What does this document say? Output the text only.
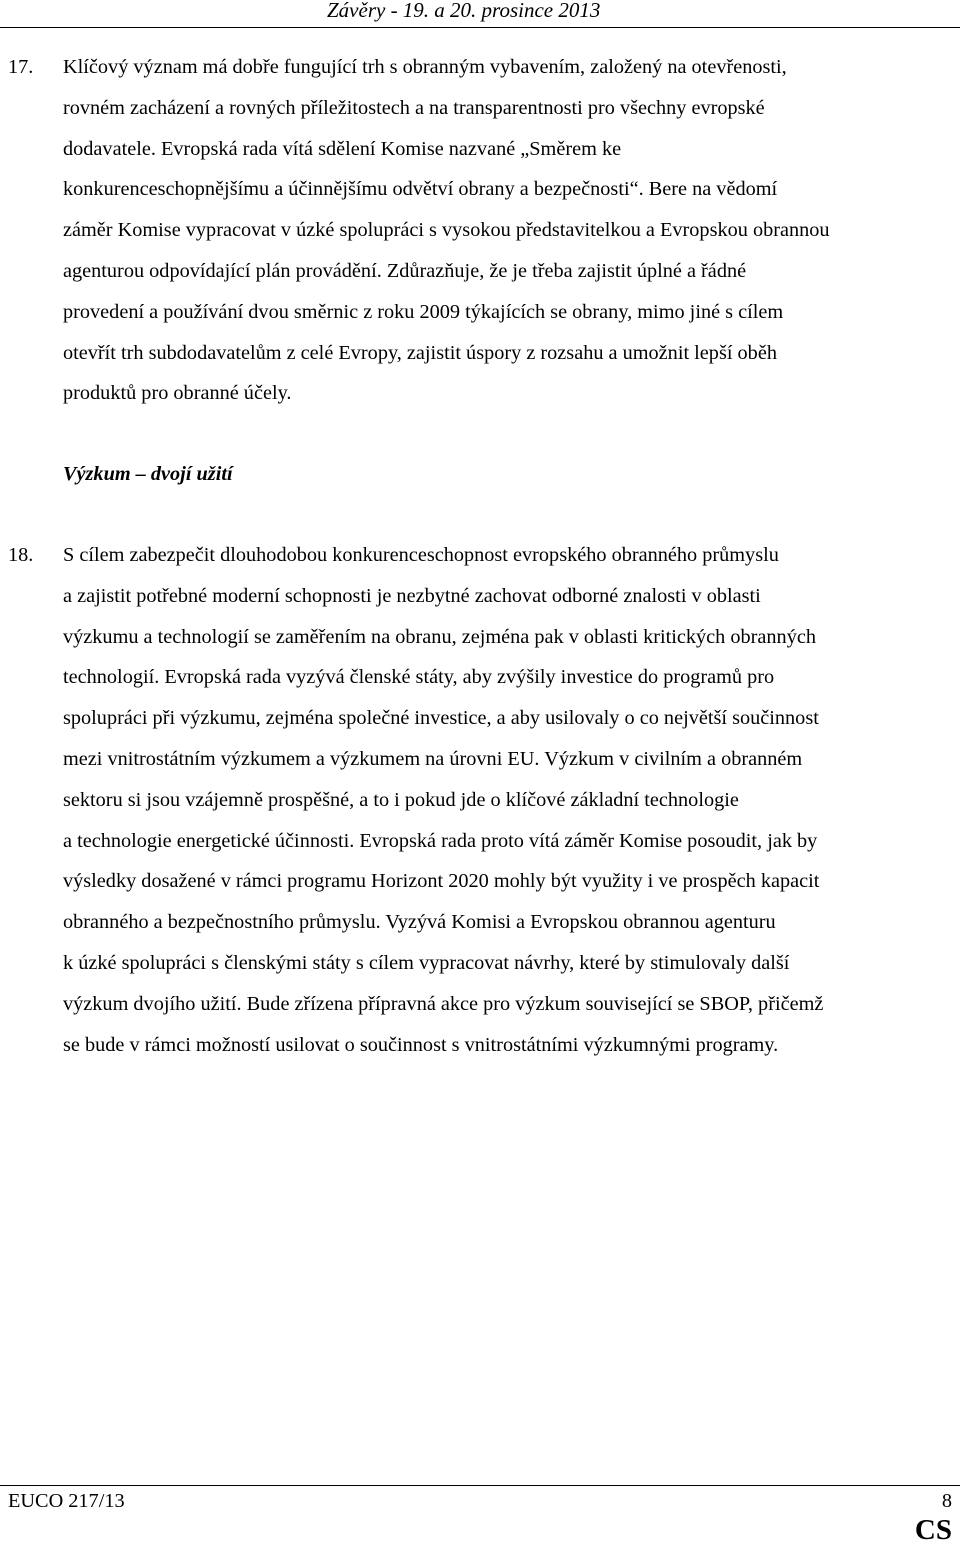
Závěry - 19. a 20. prosince 2013
17. Klíčový význam má dobře fungující trh s obranným vybavením, založený na otevřenosti,
rovném zacházení a rovných příležitostech a na transparentnosti pro všechny evropské
dodavatele. Evropská rada vítá sdělení Komise nazvané „Směrem ke
konkurenceschopnějšímu a účinnějšímu odvětví obrany a bezpečnosti“. Bere na vědomí
záměr Komise vypracovat v úzké spolupráci s vysokou představitelkou a Evropskou obrannou
agenturou odpovídající plán provádění. Zdůrazňuje, že je třeba zajistit úplné a řádné
provedení a používání dvou směrnic z roku 2009 týkajících se obrany, mimo jiné s cílem
otevřít trh subdodavatelům z celé Evropy, zajistit úspory z rozsahu a umožnit lepší oběh
produktů pro obranné účely.
Výzkum – dvojí užití
18. S cílem zabezpečit dlouhodobou konkurenceschopnost evropského obranného průmyslu
a zajistit potřebné moderní schopnosti je nezbytné zachovat odborné znalosti v oblasti
výzkumu a technologií se zaměřením na obranu, zejména pak v oblasti kritických obranných
technologií. Evropská rada vyzývá členské státy, aby zvýšily investice do programů pro
spolupráci při výzkumu, zejména společné investice, a aby usilovaly o co největší součinnost
mezi vnitrostátním výzkumem a výzkumem na úrovni EU. Výzkum v civilním a obranném
sektoru si jsou vzájemně prospěšné, a to i pokud jde o klíčové základní technologie
a technologie energetické účinnosti. Evropská rada proto vítá záměr Komise posoudit, jak by
výsledky dosažené v rámci programu Horizont 2020 mohly být využity i ve prospěch kapacit
obranného a bezpečnostního průmyslu. Vyzývá Komisi a Evropskou obrannou agenturu
k úzké spolupráci s členskými státy s cílem vypracovat návrhy, které by stimulovaly další
výzkum dvojího užití. Bude zřízena přípravná akce pro výzkum související se SBOP, přičemž
se bude v rámci možností usilovat o součinnost s vnitrostátními výzkumnými programy.
EUCO 217/13	8
CS
